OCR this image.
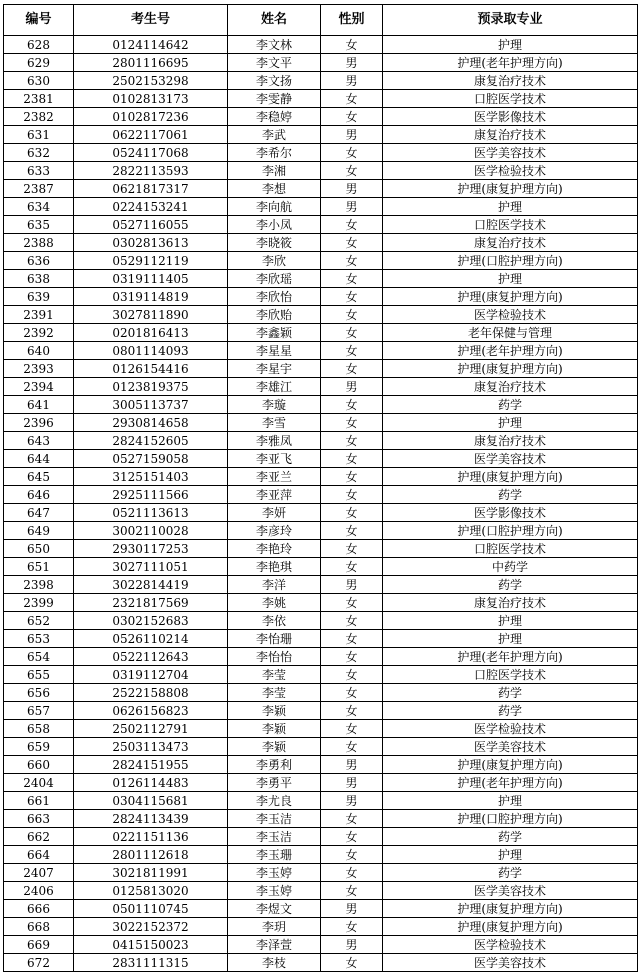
编号	考生号	姓名	性别	预录取专业
628	0124114642	李文林	女	护理
629	2801116695	李文平	男	护理(老年护理方向)
630	2502153298	李文扬	男	康复治疗技术
2381	0102813173	李雯静	女	口腔医学技术
2382	0102817236	李稳婷	女	医学影像技术
631	0622117061	李武	男	康复治疗技术
632	0524117068	李希尔	女	医学美容技术
633	2822113593	李湘	女	医学检验技术
2387	0621817317	李想	男	护理(康复护理方向)
634	0224153241	李向航	男	护理
635	0527116055	李小凤	女	口腔医学技术
2388	0302813613	李晓筱	女	康复治疗技术
636	0529112119	李欣	女	护理(口腔护理方向)
638	0319111405	李欣瑶	女	护理
639	0319114819	李欣怡	女	护理(康复护理方向)
2391	3027811890	李欣贻	女	医学检验技术
2392	0201816413	李鑫颖	女	老年保健与管理
640	0801114093	李星星	女	护理(老年护理方向)
2393	0126154416	李星宇	女	护理(康复护理方向)
2394	0123819375	李雄江	男	康复治疗技术
641	3005113737	李璇	女	药学
2396	2930814658	李雪	女	护理
643	2824152605	李雅凤	女	康复治疗技术
644	0527159058	李亚飞	女	医学美容技术
645	3125151403	李亚兰	女	护理(康复护理方向)
646	2925111566	李亚萍	女	药学
647	0521113613	李妍	女	医学影像技术
649	3002110028	李彦玲	女	护理(口腔护理方向)
650	2930117253	李艳玲	女	口腔医学技术
651	3027111051	李艳琪	女	中药学
2398	3022814419	李洋	男	药学
2399	2321817569	李姚	女	康复治疗技术
652	0302152683	李依	女	护理
653	0526110214	李怡珊	女	护理
654	0522112643	李怡怡	女	护理(老年护理方向)
655	0319112704	李莹	女	口腔医学技术
656	2522158808	李莹	女	药学
657	0626156823	李颖	女	药学
658	2502112791	李颖	女	医学检验技术
659	2503113473	李颖	女	医学美容技术
660	2824151955	李勇利	男	护理(康复护理方向)
2404	0126114483	李勇平	男	护理(老年护理方向)
661	0304115681	李尤良	男	护理
663	2824113439	李玉洁	女	护理(口腔护理方向)
662	0221151136	李玉洁	女	药学
664	2801112618	李玉珊	女	护理
2407	3021811991	李玉婷	女	药学
2406	0125813020	李玉婷	女	医学美容技术
666	0501110745	李煜文	男	护理(康复护理方向)
668	3022152372	李玥	女	护理(康复护理方向)
669	0415150023	李泽萱	男	医学检验技术
672	2831111315	李枝	女	医学美容技术
